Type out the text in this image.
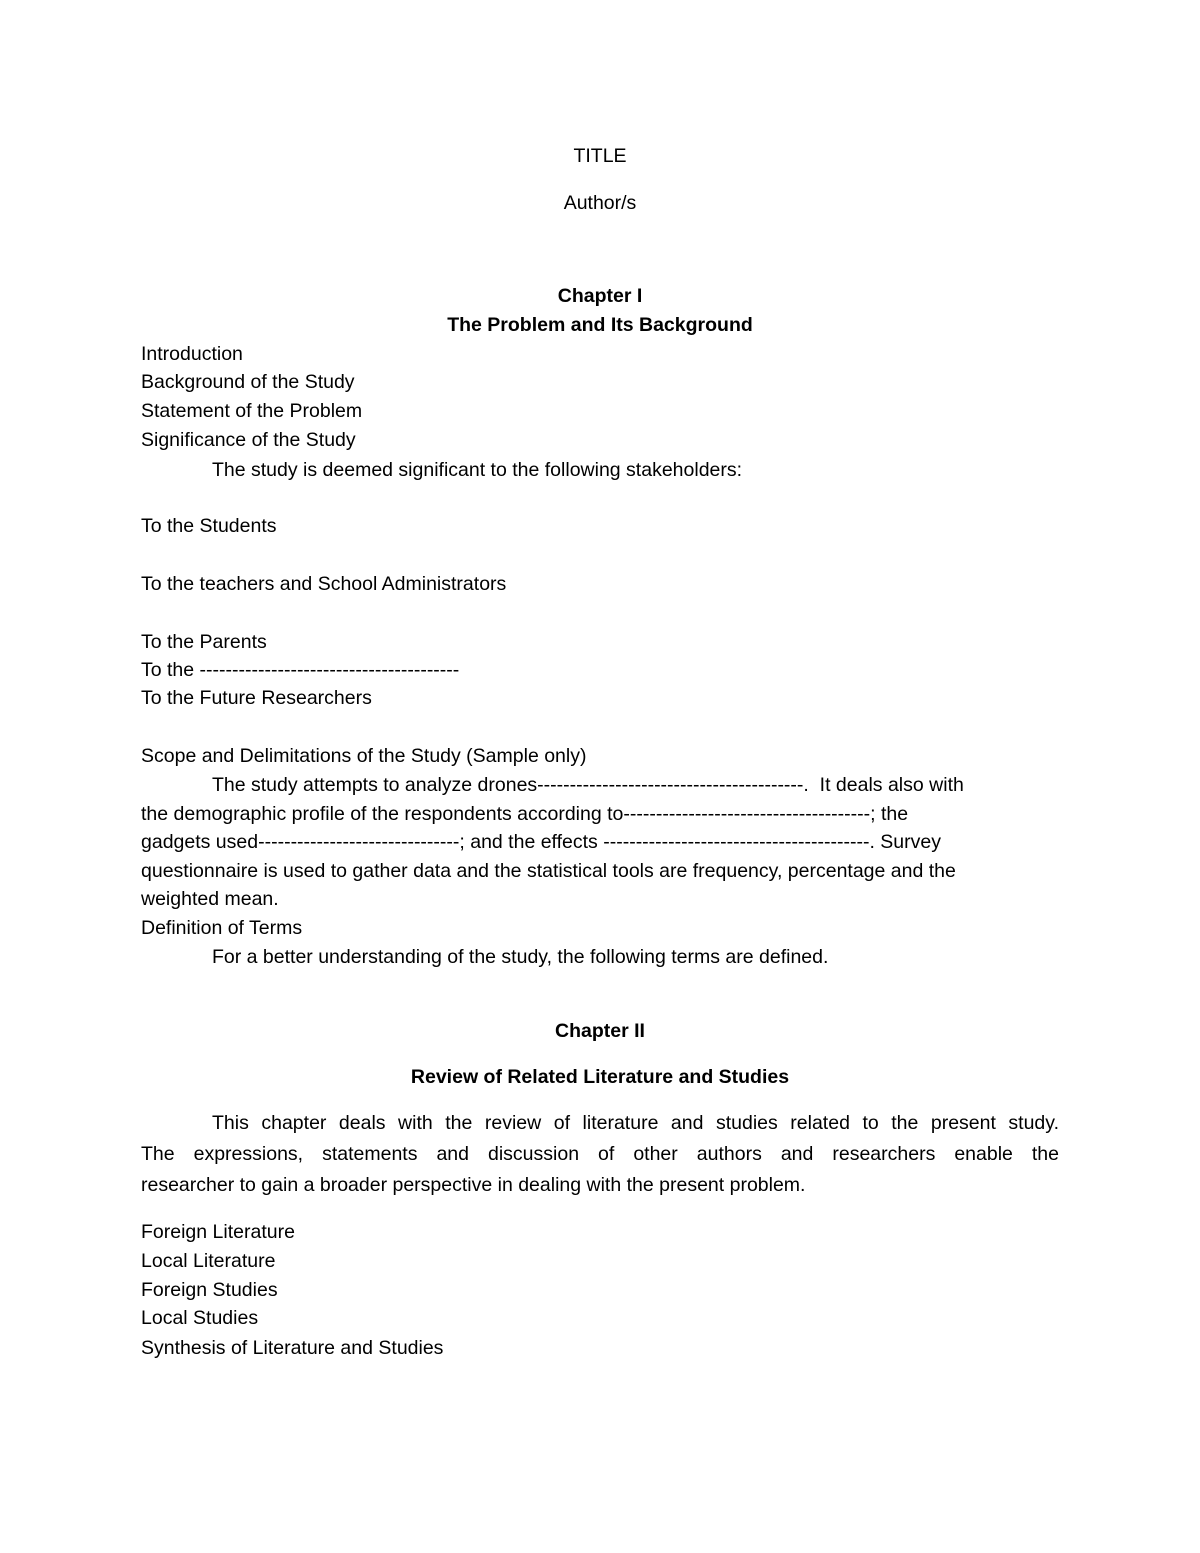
TITLE

Author/s

Chapter I

The Problem and Its Background

Introduction

Background of the Study

Statement of the Problem

Significance of the Study

The study is deemed significant to the following stakeholders:

To the Students

To the teachers and School Administrators

To the Parents

To the ----------------------------------------

To the Future Researchers

Scope and Delimitations of the Study (Sample only)

The study attempts to analyze drones-----------------------------------------.  It deals also with

the demographic profile of the respondents according to--------------------------------------; the

gadgets used-------------------------------; and the effects -----------------------------------------. Survey

questionnaire is used to gather data and the statistical tools are frequency, percentage and the

weighted mean.

Definition of Terms

For a better understanding of the study, the following terms are defined.

Chapter II

Review of Related Literature and Studies

This chapter deals with the review of literature and studies related to the present study.
The expressions, statements and discussion of other authors and researchers enable the
researcher to gain a broader perspective in dealing with the present problem.

Foreign Literature

Local Literature

Foreign Studies

Local Studies

Synthesis of Literature and Studies
